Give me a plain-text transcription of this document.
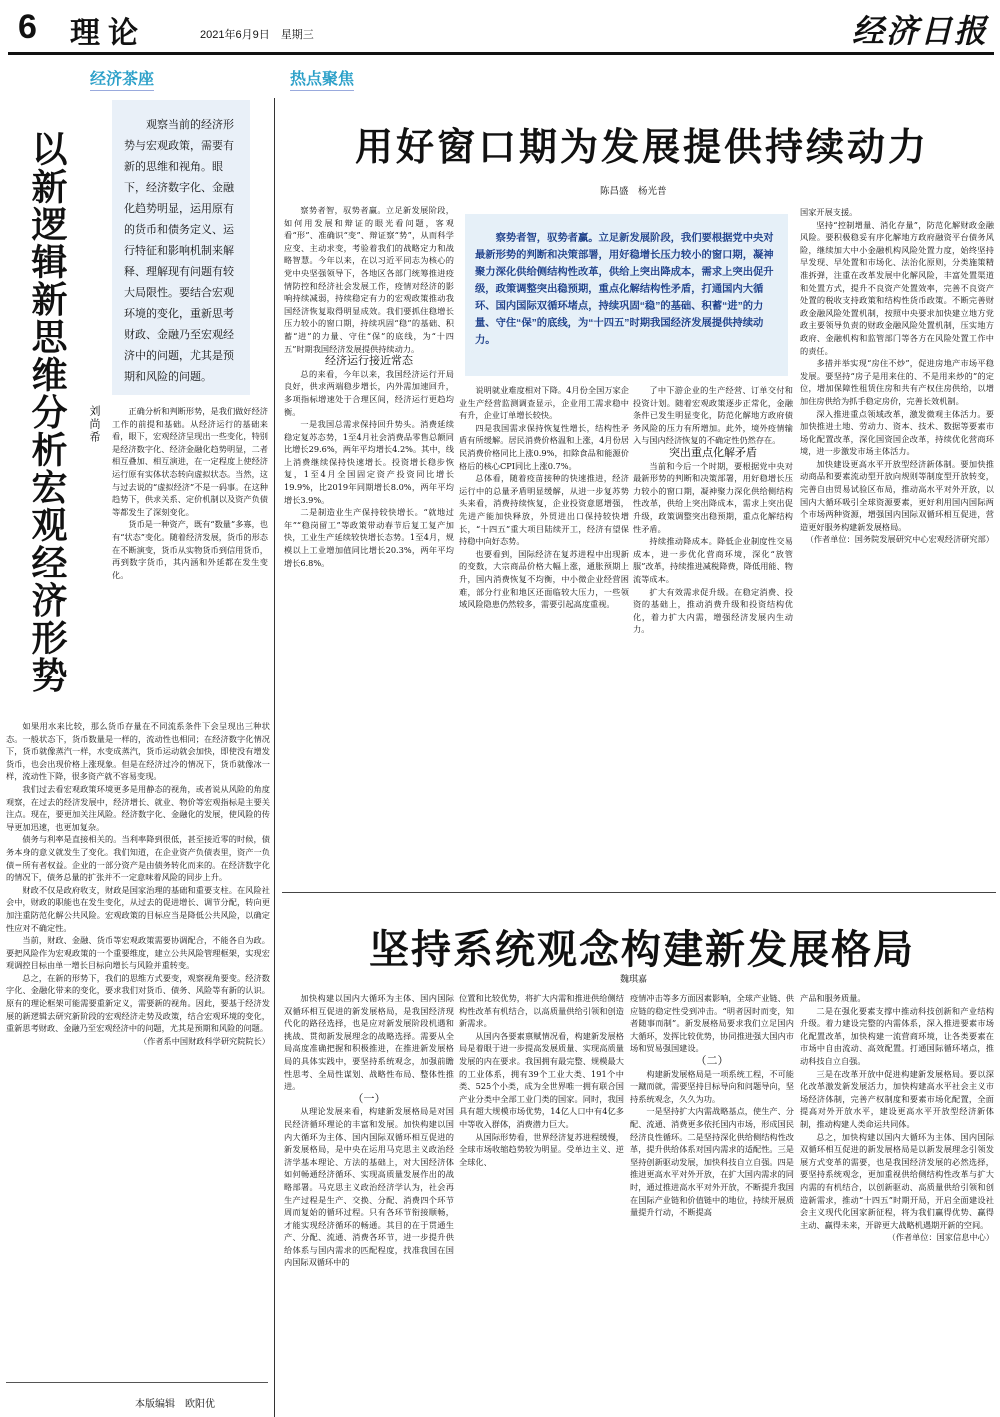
6 理论	2021年6月9日　星期三	经济日报
经济茶座	热点聚焦
以新逻辑新思维分析宏观经济形势	刘尚希
观察当前的经济形势与宏观政策，需要有新的思维和视角。眼下，经济数字化、金融化趋势明显，运用原有的货币和债务定义、运行特征和影响机制来解释、理解现有问题有较大局限性。要结合宏观环境的变化，重新思考财政、金融乃至宏观经济中的问题，尤其是预期和风险的问题。

正确分析和判断形势，是我们做好经济工作的前提和基础。从经济运行的基础来看，眼下，宏观经济呈现出一些变化，特别是经济数字化、经济金融化趋势明显，二者相互叠加、相互演进，在一定程度上使经济运行原有实体状态转向虚拟状态。当然，这与过去说的“虚拟经济”不是一码事。在这种趋势下，供求关系、定价机制以及资产负债等都发生了深刻变化。

货币是一种资产，既有“数量”多寡，也有“状态”变化。随着经济发展，货币的形态在不断演变，货币从实物货币到信用货币，再到数字货币，其内涵和外延都在发生变化。

如果用水来比较，那么货币存量在不同流系条件下会呈现出三种状态。一般状态下，货币数量是一样的，流动性也相同；在经济数字化情况下，货币就像蒸汽一样，水变成蒸汽，货币运动就会加快，即使没有增发货币，也会出现价格上涨现象。但是在经济过冷的情况下，货币就像冰一样，流动性下降，很多资产就不容易变现。

我们过去看宏观政策环境更多是用静态的视角，或者说从风险的角度观察，在过去的经济发展中，经济增长、就业、物价等宏观指标是主要关注点。现在，要更加关注风险。经济数字化、金融化的发展，使风险的传导更加迅速，也更加复杂。

债务与利率是直接相关的。当利率降到很低，甚至接近零的时候，债务本身的意义就发生了变化。我们知道，在企业资产负债表里，资产一负债＝所有者权益。企业的一部分资产是由债务转化而来的。在经济数字化的情况下，债务总量的扩张并不一定意味着风险的同步上升。

财政不仅是政府收支，财政是国家治理的基础和重要支柱。在风险社会中，财政的职能也在发生变化，从过去的促进增长、调节分配，转向更加注重防范化解公共风险。宏观政策的目标应当是降低公共风险，以确定性应对不确定性。

当前，财政、金融、货币等宏观政策需要协调配合，不能各自为政。要把风险作为宏观政策的一个重要维度，建立公共风险管理框架，实现宏观调控目标由单一增长目标向增长与风险并重转变。

总之，在新的形势下，我们的思维方式要变，观察视角要变。经济数字化、金融化带来的变化，要求我们对货币、债务、风险等有新的认识。原有的理论框架可能需要重新定义，需要新的视角。因此，要基于经济发展的新逻辑去研究新阶段的宏观经济走势及政策，结合宏观环境的变化，重新思考财政、金融乃至宏观经济中的问题，尤其是预期和风险的问题。

（作者系中国财政科学研究院院长）

本版编辑　欧阳优
用好窗口期为发展提供持续动力
陈昌盛　杨光普

察势者智，驭势者赢。立足新发展阶段，如何用发展和辩证的眼光看问题，客观看“形”、准确识“变”、辩证察“势”，从而科学应变、主动求变，考验着我们的战略定力和战略智慧。今年以来，在以习近平同志为核心的党中央坚强领导下，各地区各部门统筹推进疫情防控和经济社会发展工作，疫情对经济的影响持续减弱，持续稳定有力的宏观政策推动我国经济恢复取得明显成效。我们要抓住稳增长压力较小的窗口期，持续巩固“稳”的基础、积蓄“进”的力量、守住“保”的底线，为“十四五”时期我国经济发展提供持续动力。

经济运行接近常态

总的来看，今年以来，我国经济运行开局良好，供求两端稳步增长，内外需加速回升，多项指标增速处于合理区间，经济运行更趋均衡。

一是我国总需求保持回升势头。消费延续稳定复苏态势，1至4月社会消费品零售总额同比增长29.6%，两年平均增长4.2%。其中，线上消费继续保持快速增长。投资增长稳步恢复，1至4月全国固定资产投资同比增长19.9%，比2019年同期增长8.0%，两年平均增长3.9%。

二是制造业生产保持较快增长。“就地过年”“稳岗留工”等政策带动春节后复工复产加快，工业生产延续较快增长态势。1至4月，规模以上工业增加值同比增长20.3%，两年平均增长6.8%。

察势者智，驭势者赢。立足新发展阶段，我们要根据党中央对最新形势的判断和决策部署，用好稳增长压力较小的窗口期，凝神聚力深化供给侧结构性改革，供给上突出降成本，需求上突出促升级，政策调整突出稳预期，重点化解结构性矛盾，打通国内大循环、国内国际双循环堵点，持续巩固“稳”的基础、积蓄“进”的力量、守住“保”的底线，为“十四五”时期我国经济发展提供持续动力。

说明就业难度相对下降。4月份全国万家企业生产经营监测调查显示，企业用工需求稳中有升，企业订单增长较快。

四是我国需求保持恢复性增长，结构性矛盾有所缓解。居民消费价格温和上涨，4月份居民消费价格同比上涨0.9%，扣除食品和能源价格后的核心CPI同比上涨0.7%。

总体看，随着疫苗接种的快速推进，经济运行中的总量矛盾明显缓解，从进一步复苏势头来看，消费持续恢复，企业投资意愿增强，先进产能加快释放，外贸进出口保持较快增长，“十四五”重大项目陆续开工，经济有望保持稳中向好态势。

也要看到，国际经济在复苏进程中出现新的变数，大宗商品价格大幅上涨，通胀预期上升，国内消费恢复不均衡，中小微企业经营困难，部分行业和地区还面临较大压力，一些领域风险隐患仍然较多，需要引起高度重视。

了中下游企业的生产经营、订单交付和投资计划。随着宏观政策逐步正常化，金融条件已发生明显变化，防范化解地方政府债务风险的压力有所增加。此外，境外疫情输入与国内经济恢复的不确定性仍然存在。

突出重点化解矛盾

当前和今后一个时期，要根据党中央对最新形势的判断和决策部署，用好稳增长压力较小的窗口期，凝神聚力深化供给侧结构性改革，供给上突出降成本，需求上突出促升级，政策调整突出稳预期，重点化解结构性矛盾。

持续推动降成本。降低企业制度性交易成本，进一步优化营商环境，深化“放管服”改革，持续推进减税降费，降低用能、物流等成本。

扩大有效需求促升级。在稳定消费、投资的基础上，推动消费升级和投资结构优化，着力扩大内需，增强经济发展内生动力。

国家开展支援。

坚持“控制增量、消化存量”，防范化解财政金融风险。要积极稳妥有序化解地方政府融资平台债务风险，继续加大中小金融机构风险处置力度，始终坚持早发现、早处置和市场化、法治化原则，分类施策精准拆弹，注重在改革发展中化解风险，丰富处置渠道和处置方式，提升不良资产处置效率，完善不良资产处置的税收支持政策和结构性货币政策。不断完善财政金融风险处置机制，按照中央要求加快建立地方党政主要领导负责的财政金融风险处置机制，压实地方政府、金融机构和监管部门等各方在风险处置工作中的责任。

多措并举实现“房住不炒”，促进房地产市场平稳发展。要坚持“房子是用来住的、不是用来炒的”的定位，增加保障性租赁住房和共有产权住房供给，以增加住房供给为抓手稳定房价，完善长效机制。

深入推进重点领域改革，激发微观主体活力。要加快推进土地、劳动力、资本、技术、数据等要素市场化配置改革，深化国资国企改革，持续优化营商环境，进一步激发市场主体活力。

加快建设更高水平开放型经济新体制。要加快推动商品和要素流动型开放向规则等制度型开放转变，完善自由贸易试验区布局，推动高水平对外开放，以国内大循环吸引全球资源要素，更好利用国内国际两个市场两种资源，增强国内国际双循环相互促进，营造更好服务构建新发展格局。

（作者单位：国务院发展研究中心宏观经济研究部）

坚持系统观念构建新发展格局
魏琪嘉

加快构建以国内大循环为主体、国内国际双循环相互促进的新发展格局，是我国经济现代化的路径选择，也是应对新发展阶段机遇和挑战、贯彻新发展理念的战略选择。需要从全局高度准确把握和积极推进，在推进新发展格局的具体实践中，要坚持系统观念，加强前瞻性思考、全局性谋划、战略性布局、整体性推进。

（一）

从理论发展来看，构建新发展格局是对国民经济循环理论的丰富和发展。加快构建以国内大循环为主体、国内国际双循环相互促进的新发展格局，是中央在运用马克思主义政治经济学基本理论、方法的基础上，对大国经济体如何畅通经济循环、实现高质量发展作出的战略部署。马克思主义政治经济学认为，社会再生产过程是生产、交换、分配、消费四个环节周而复始的循环过程。只有各环节衔接顺畅，才能实现经济循环的畅通。其目的在于贯通生产、分配、流通、消费各环节，进一步提升供给体系与国内需求的匹配程度，找准我国在国内国际双循环中的

位置和比较优势，将扩大内需和推进供给侧结构性改革有机结合，以高质量供给引领和创造新需求。

从国内各要素禀赋情况看，构建新发展格局是着眼于进一步提高发展质量、实现高质量发展的内在要求。我国拥有最完整、规模最大的工业体系，拥有39个工业大类、191个中类、525个小类，成为全世界唯一拥有联合国产业分类中全部工业门类的国家。同时，我国具有超大规模市场优势，14亿人口中有4亿多中等收入群体，消费潜力巨大。

从国际形势看，世界经济复苏进程缓慢，全球市场收缩趋势较为明显。受单边主义、逆全球化、

疫情冲击等多方面因素影响，全球产业链、供应链的稳定性受到冲击。“明者因时而变，知者随事而制”。新发展格局要求我们立足国内大循环，发挥比较优势，协同推进强大国内市场和贸易强国建设。

（二）

构建新发展格局是一项系统工程，不可能一蹴而就，需要坚持目标导向和问题导向，坚持系统观念，久久为功。

一是坚持扩大内需战略基点，使生产、分配、流通、消费更多依托国内市场，形成国民经济良性循环。二是坚持深化供给侧结构性改革，提升供给体系对国内需求的适配性。三是坚持创新驱动发展，加快科技自立自强。四是推进更高水平对外开放，在扩大国内需求的同时，通过推进高水平对外开放，不断提升我国在国际产业链和价值链中的地位，持续开展质量提升行动，不断提高

产品和服务质量。

二是在强化要素支撑中推动科技创新和产业结构升级。着力建设完整的内需体系，深入推进要素市场化配置改革，加快构建一流营商环境，让各类要素在市场中自由流动、高效配置。打通国际循环堵点，推动科技自立自强。

三是在改革开放中促进构建新发展格局。要以深化改革激发新发展活力，加快构建高水平社会主义市场经济体制，完善产权制度和要素市场化配置，全面提高对外开放水平，建设更高水平开放型经济新体制，推动构建人类命运共同体。

总之，加快构建以国内大循环为主体、国内国际双循环相互促进的新发展格局是以新发展理念引领发展方式变革的需要，也是我国经济发展的必然选择，要坚持系统观念，更加重视供给侧结构性改革与扩大内需的有机结合，以创新驱动、高质量供给引领和创造新需求，推动“十四五”时期开局，开启全面建设社会主义现代化国家新征程，将为我们赢得优势、赢得主动、赢得未来，开辟更大战略机遇期开新的空间。

（作者单位：国家信息中心）
